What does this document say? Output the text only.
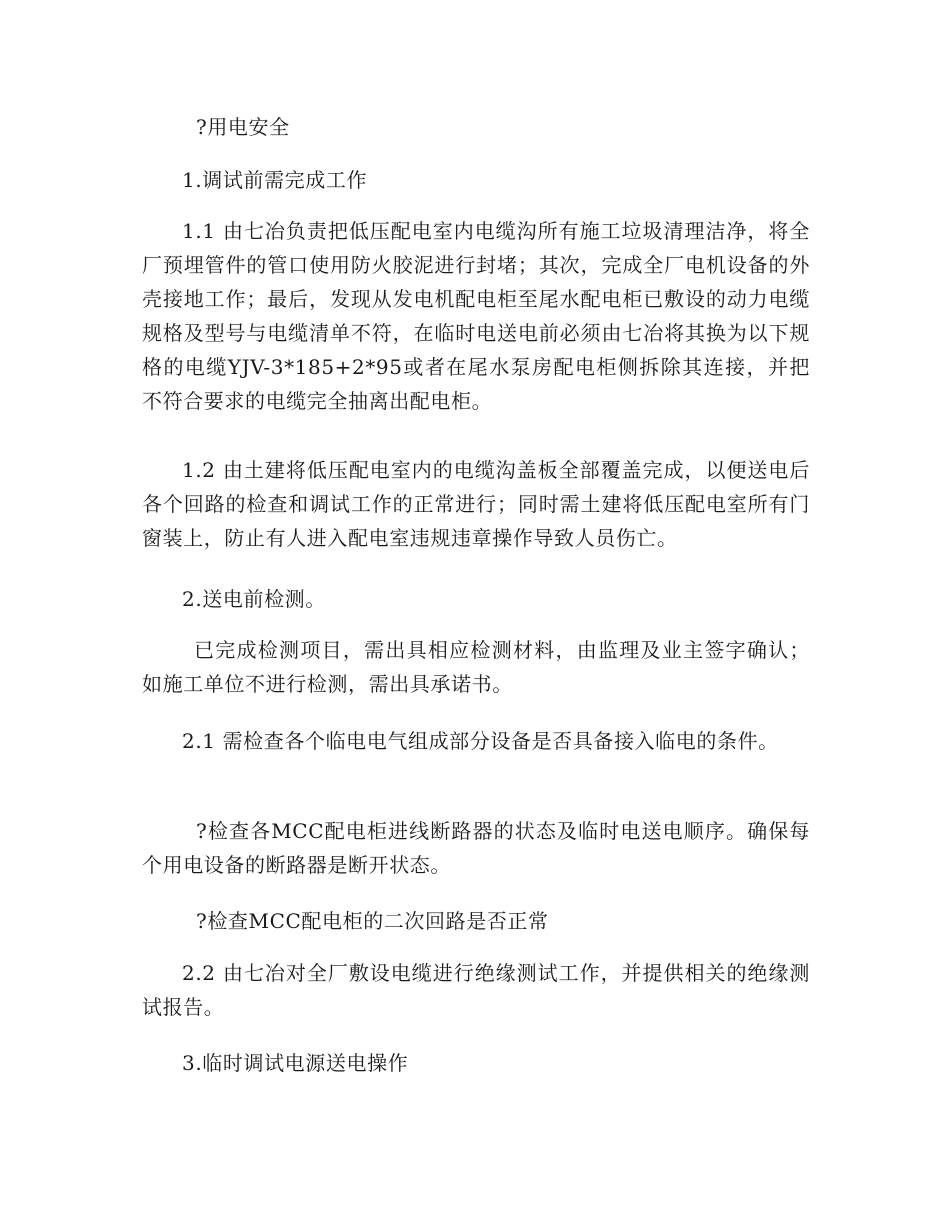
?用电安全

1.调试前需完成工作

1.1 由七冶负责把低压配电室内电缆沟所有施工垃圾清理洁净，将全厂预埋管件的管口使用防火胶泥进行封堵；其次，完成全厂电机设备的外壳接地工作；最后，发现从发电机配电柜至尾水配电柜已敷设的动力电缆规格及型号与电缆清单不符，在临时电送电前必须由七冶将其换为以下规格的电缆YJV-3*185+2*95或者在尾水泵房配电柜侧拆除其连接，并把不符合要求的电缆完全抽离出配电柜。

1.2 由土建将低压配电室内的电缆沟盖板全部覆盖完成，以便送电后各个回路的检查和调试工作的正常进行；同时需土建将低压配电室所有门窗装上，防止有人进入配电室违规违章操作导致人员伤亡。

2.送电前检测。

已完成检测项目，需出具相应检测材料，由监理及业主签字确认；如施工单位不进行检测，需出具承诺书。

2.1 需检查各个临电电气组成部分设备是否具备接入临电的条件。

?检查各MCC配电柜进线断路器的状态及临时电送电顺序。确保每个用电设备的断路器是断开状态。

?检查MCC配电柜的二次回路是否正常

2.2 由七冶对全厂敷设电缆进行绝缘测试工作，并提供相关的绝缘测试报告。

3.临时调试电源送电操作
